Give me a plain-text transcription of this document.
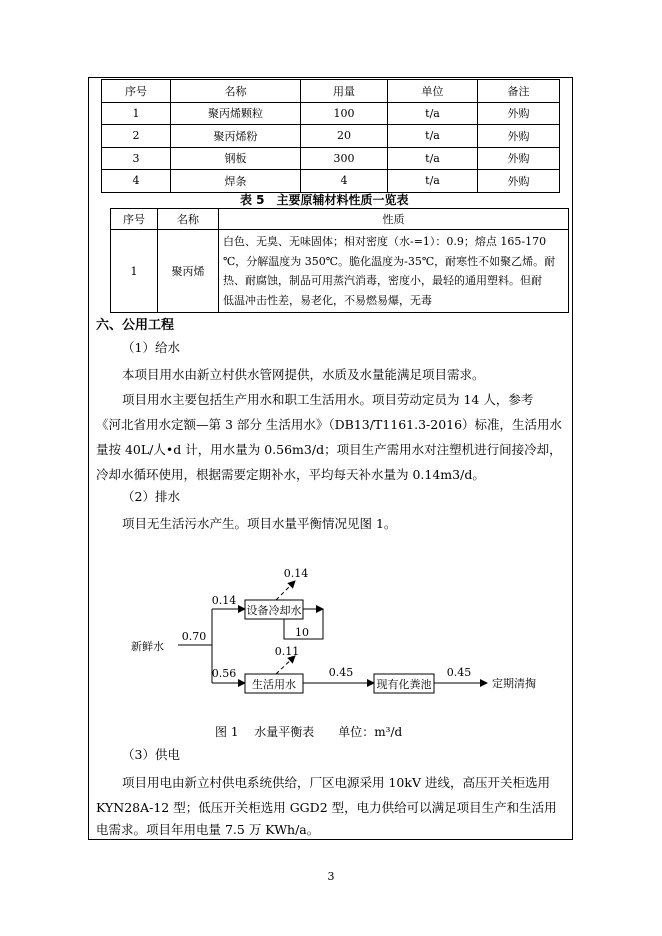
序号	名称	用量	单位	备注
1	聚丙烯颗粒	100	t/a	外购
2	聚丙烯粉	20	t/a	外购
3	钢板	300	t/a	外购
4	焊条	4	t/a	外购
表 5　主要原辅材料性质一览表
序号	名称	性质
1	聚丙烯	白色、无臭、无味固体；相对密度（水-=1）：0.9；熔点 165-170
℃，分解温度为 350℃。脆化温度为-35℃，耐寒性不如聚乙烯。耐
热、耐腐蚀，制品可用蒸汽消毒，密度小，最轻的通用塑料。但耐
低温冲击性差，易老化，不易燃易爆，无毒
六、公用工程
（1）给水
本项目用水由新立村供水管网提供，水质及水量能满足项目需求。
项目用水主要包括生产用水和职工生活用水。项目劳动定员为 14 人，参考
《河北省用水定额—第 3 部分 生活用水》（DB13/T1161.3-2016）标准，生活用水
量按 40L/人•d 计，用水量为 0.56m3/d；项目生产需用水对注塑机进行间接冷却，
冷却水循环使用，根据需要定期补水，平均每天补水量为 0.14m3/d。
（2）排水
项目无生活污水产生。项目水量平衡情况见图 1。
设备冷却水
10
0.14
生活用水
0.11
0.45
现有化粪池
0.45
定期清掏
新鲜水
0.70
0.14
0.56
图 1　 水量平衡表　　单位：m³/d
（3）供电
项目用电由新立村供电系统供给，厂区电源采用 10kV 进线，高压开关柜选用
KYN28A-12 型；低压开关柜选用 GGD2 型，电力供给可以满足项目生产和生活用
电需求。项目年用电量 7.5 万 KWh/a。
3
